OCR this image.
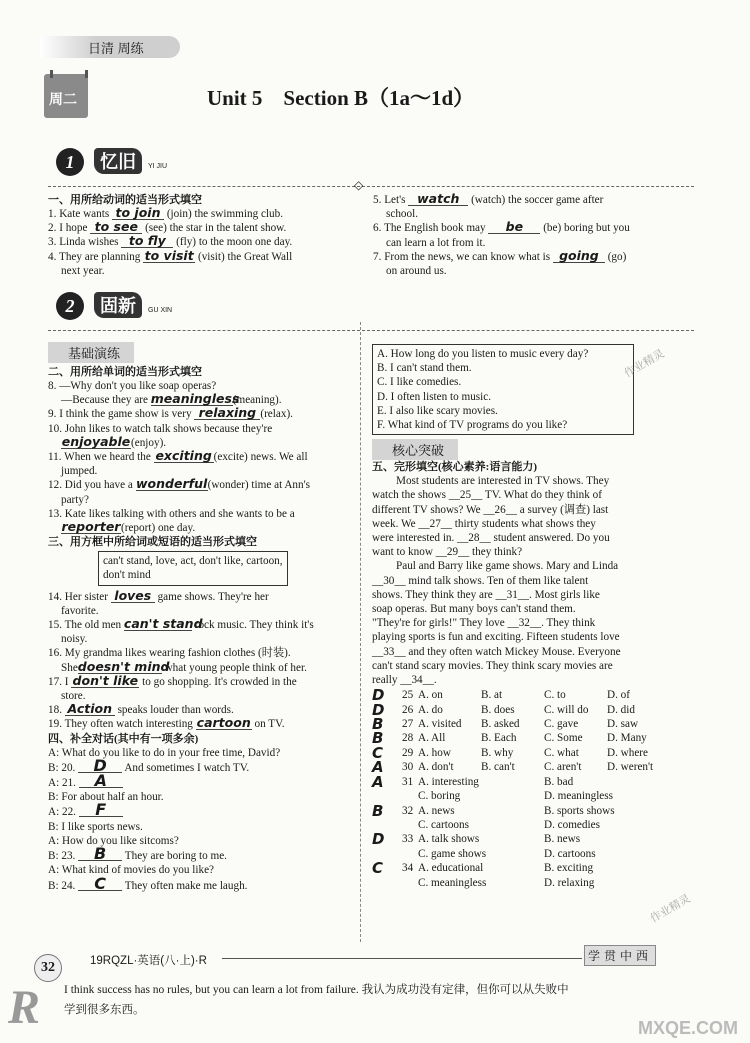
日清 周练
周二	Unit 5　Section B（1a～1d）
1 忆旧 YI JIU
◇
一、用所给动词的适当形式填空
1. Kate wants to join (join) the swimming club.
2. I hope to see (see) the star in the talent show.
3. Linda wishes to fly (fly) to the moon one day.
4. They are planning to visit (visit) the Great Wall
next year.
5. Let's watch (watch) the soccer game after
school.
6. The English book may be (be) boring but you
can learn a lot from it.
7. From the news, we can know what is going (go)
on around us.
2 固新 GU XIN
基础演练
二、用所给单词的适当形式填空
8. —Why don't you like soap operas?
—Because they are meaningless(meaning).
9. I think the game show is very relaxing (relax).
10. John likes to watch talk shows because they're
enjoyable(enjoy).
11. When we heard the exciting (excite) news. We all
jumped.
12. Did you have a wonderful(wonder) time at Ann's
party?
13. Kate likes talking with others and she wants to be a
reporter(report) one day.
三、用方框中所给词或短语的适当形式填空
can't stand, love, act, don't like, cartoon, don't mind
14. Her sister loves game shows. They're her
favorite.
15. The old men can't stand rock music. They think it's
noisy.
16. My grandma likes wearing fashion clothes (时装).
Shedoesn't mind what young people think of her.
17. I don't like to go shopping. It's crowded in the
store.
18. Action speaks louder than words.
19. They often watch interesting cartoon on TV.
四、补全对话(其中有一项多余)
A: What do you like to do in your free time, David?
B: 20. D And sometimes I watch TV.
A: 21. A
B: For about half an hour.
A: 22. F
B: I like sports news.
A: How do you like sitcoms?
B: 23. B They are boring to me.
A: What kind of movies do you like?
B: 24. C They often make me laugh.
A. How long do you listen to music every day?
B. I can't stand them.
C. I like comedies.
D. I often listen to music.
E. I also like scary movies.
F. What kind of TV programs do you like?
核心突破
五、完形填空(核心素养:语言能力)
Most students are interested in TV shows. They
watch the shows __25__ TV. What do they think of
different TV shows? We __26__ a survey (调查) last
week. We __27__ thirty students what shows they
were interested in. __28__ student answered. Do you
want to know __29__ they think?
Paul and Barry like game shows. Mary and Linda
__30__ mind talk shows. Ten of them like talent
shows. They think they are __31__. Most girls like
soap operas. But many boys can't stand them.
"They're for girls!" They love __32__. They think
playing sports is fun and exciting. Fifteen students love
__33__ and they often watch Mickey Mouse. Everyone
can't stand scary movies. They think scary movies are
really __34__.
D	25	A. on	B. at	C. to	D. of
D	26	A. do	B. does	C. will do	D. did
B	27	A. visited	B. asked	C. gave	D. saw
B	28	A. All	B. Each	C. Some	D. Many
C	29	A. how	B. why	C. what	D. where
A	30	A. don't	B. can't	C. aren't	D. weren't
A	31	A. interesting		B. bad	
		C. boring		D. meaningless	
B	32	A. news		B. sports shows	
		C. cartoons		D. comedies	
D	33	A. talk shows		B. news	
		C. game shows		D. cartoons	
C	34	A. educational		B. exciting	
		C. meaningless		D. relaxing	
32	19RQZL·英语(八·上)·R	学贯中西
I think success has no rules, but you can learn a lot from failure. 我认为成功没有定律，但你可以从失败中
学到很多东西。
R
作业精灵
作业精灵
MXQE.COM
